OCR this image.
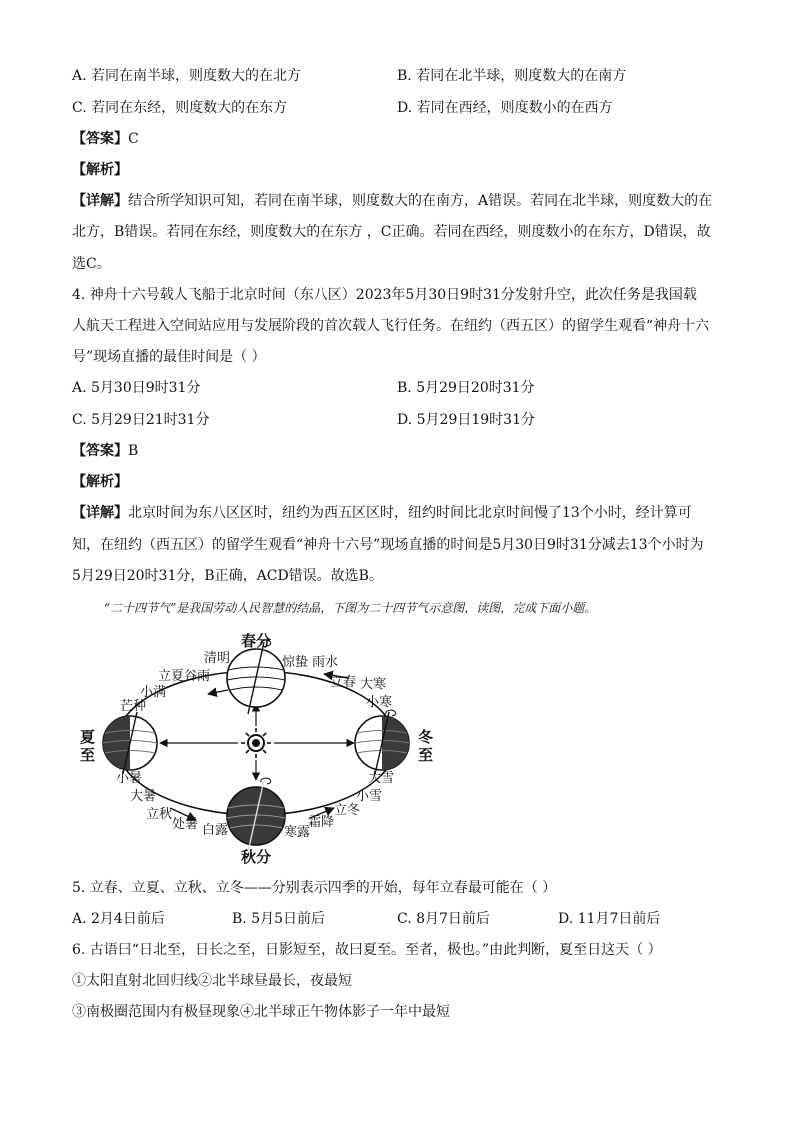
A. 若同在南半球，则度数大的在北方	B. 若同在北半球，则度数大的在南方
C. 若同在东经，则度数大的在东方	D. 若同在西经，则度数小的在西方
【答案】C
【解析】
【详解】结合所学知识可知，若同在南半球，则度数大的在南方，A错误。若同在北半球，则度数大的在
北方，B错误。若同在东经，则度数大的在东方 ，C正确。若同在西经，则度数小的在东方，D错误，故
选C。
4. 神舟十六号载人飞船于北京时间（东八区）2023年5月30日9时31分发射升空，此次任务是我国载
人航天工程进入空间站应用与发展阶段的首次载人飞行任务。在纽约（西五区）的留学生观看“神舟十六
号”现场直播的最佳时间是（ ）
A. 5月30日9时31分	B. 5月29日20时31分
C. 5月29日21时31分	D. 5月29日19时31分
【答案】B
【解析】
【详解】北京时间为东八区区时，纽约为西五区区时，纽约时间比北京时间慢了13个小时，经计算可
知，在纽约（西五区）的留学生观看“神舟十六号”现场直播的时间是5月30日9时31分减去13个小时为
5月29日20时31分，B正确，ACD错误。故选B。
“二十四节气”是我国劳动人民智慧的结晶，下图为二十四节气示意图，读图，完成下面小题。
春分
秋分
夏
至
冬
至
清明
谷雨
立夏
小满
芒种
惊蛰 雨水
立春 大寒
小寒
小暑
大暑
立秋
处暑 白露	寒露
霜降
立冬
小雪
大雪
5. 立春、立夏、立秋、立冬——分别表示四季的开始，每年立春最可能在（ ）
A. 2月4日前后	B. 5月5日前后	C. 8月7日前后	D. 11月7日前后
6. 古语曰“日北至，日长之至，日影短至，故曰夏至。至者，极也。”由此判断，夏至日这天（ ）
①太阳直射北回归线②北半球昼最长，夜最短
③南极圈范围内有极昼现象④北半球正午物体影子一年中最短
